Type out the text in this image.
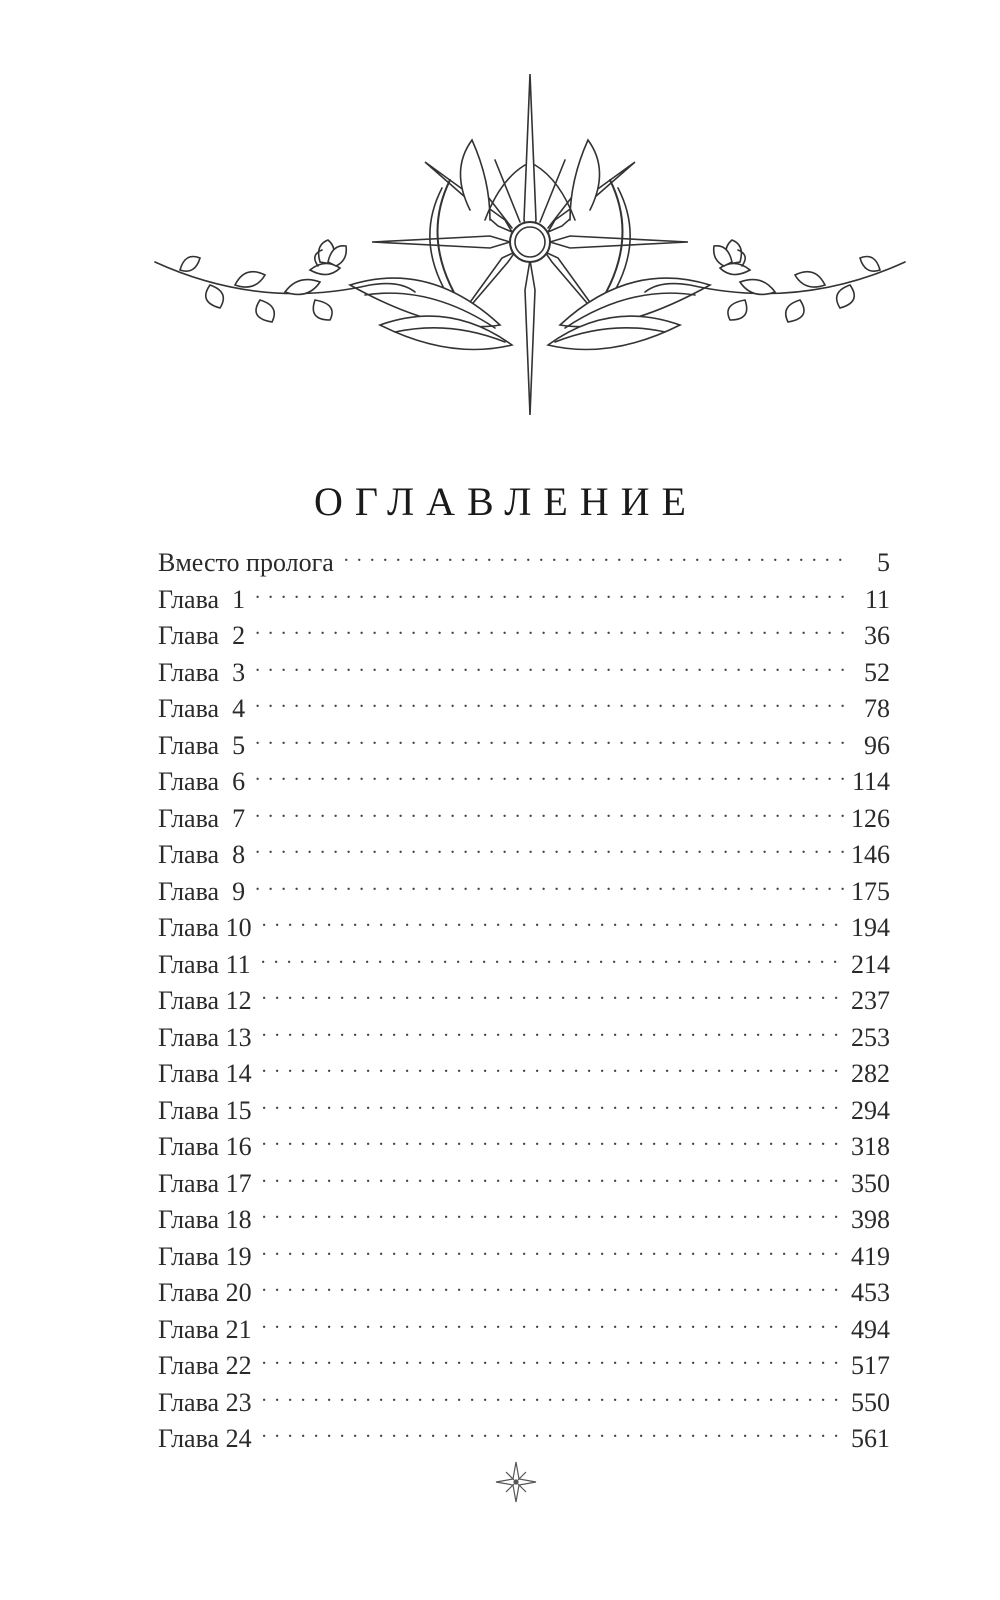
ОГЛАВЛЕНИЕ
Вместо пролога . . .	5
Глава  1 . . .	11
Глава  2 . . .	36
Глава  3 . . .	52
Глава  4 . . .	78
Глава  5 . . .	96
Глава  6 . . .	114
Глава  7 . . .	126
Глава  8 . . .	146
Глава  9 . . .	175
Глава 10 . . .	194
Глава 11 . . .	214
Глава 12 . . .	237
Глава 13 . . .	253
Глава 14 . . .	282
Глава 15 . . .	294
Глава 16 . . .	318
Глава 17 . . .	350
Глава 18 . . .	398
Глава 19 . . .	419
Глава 20 . . .	453
Глава 21 . . .	494
Глава 22 . . .	517
Глава 23 . . .	550
Глава 24 . . .	561
